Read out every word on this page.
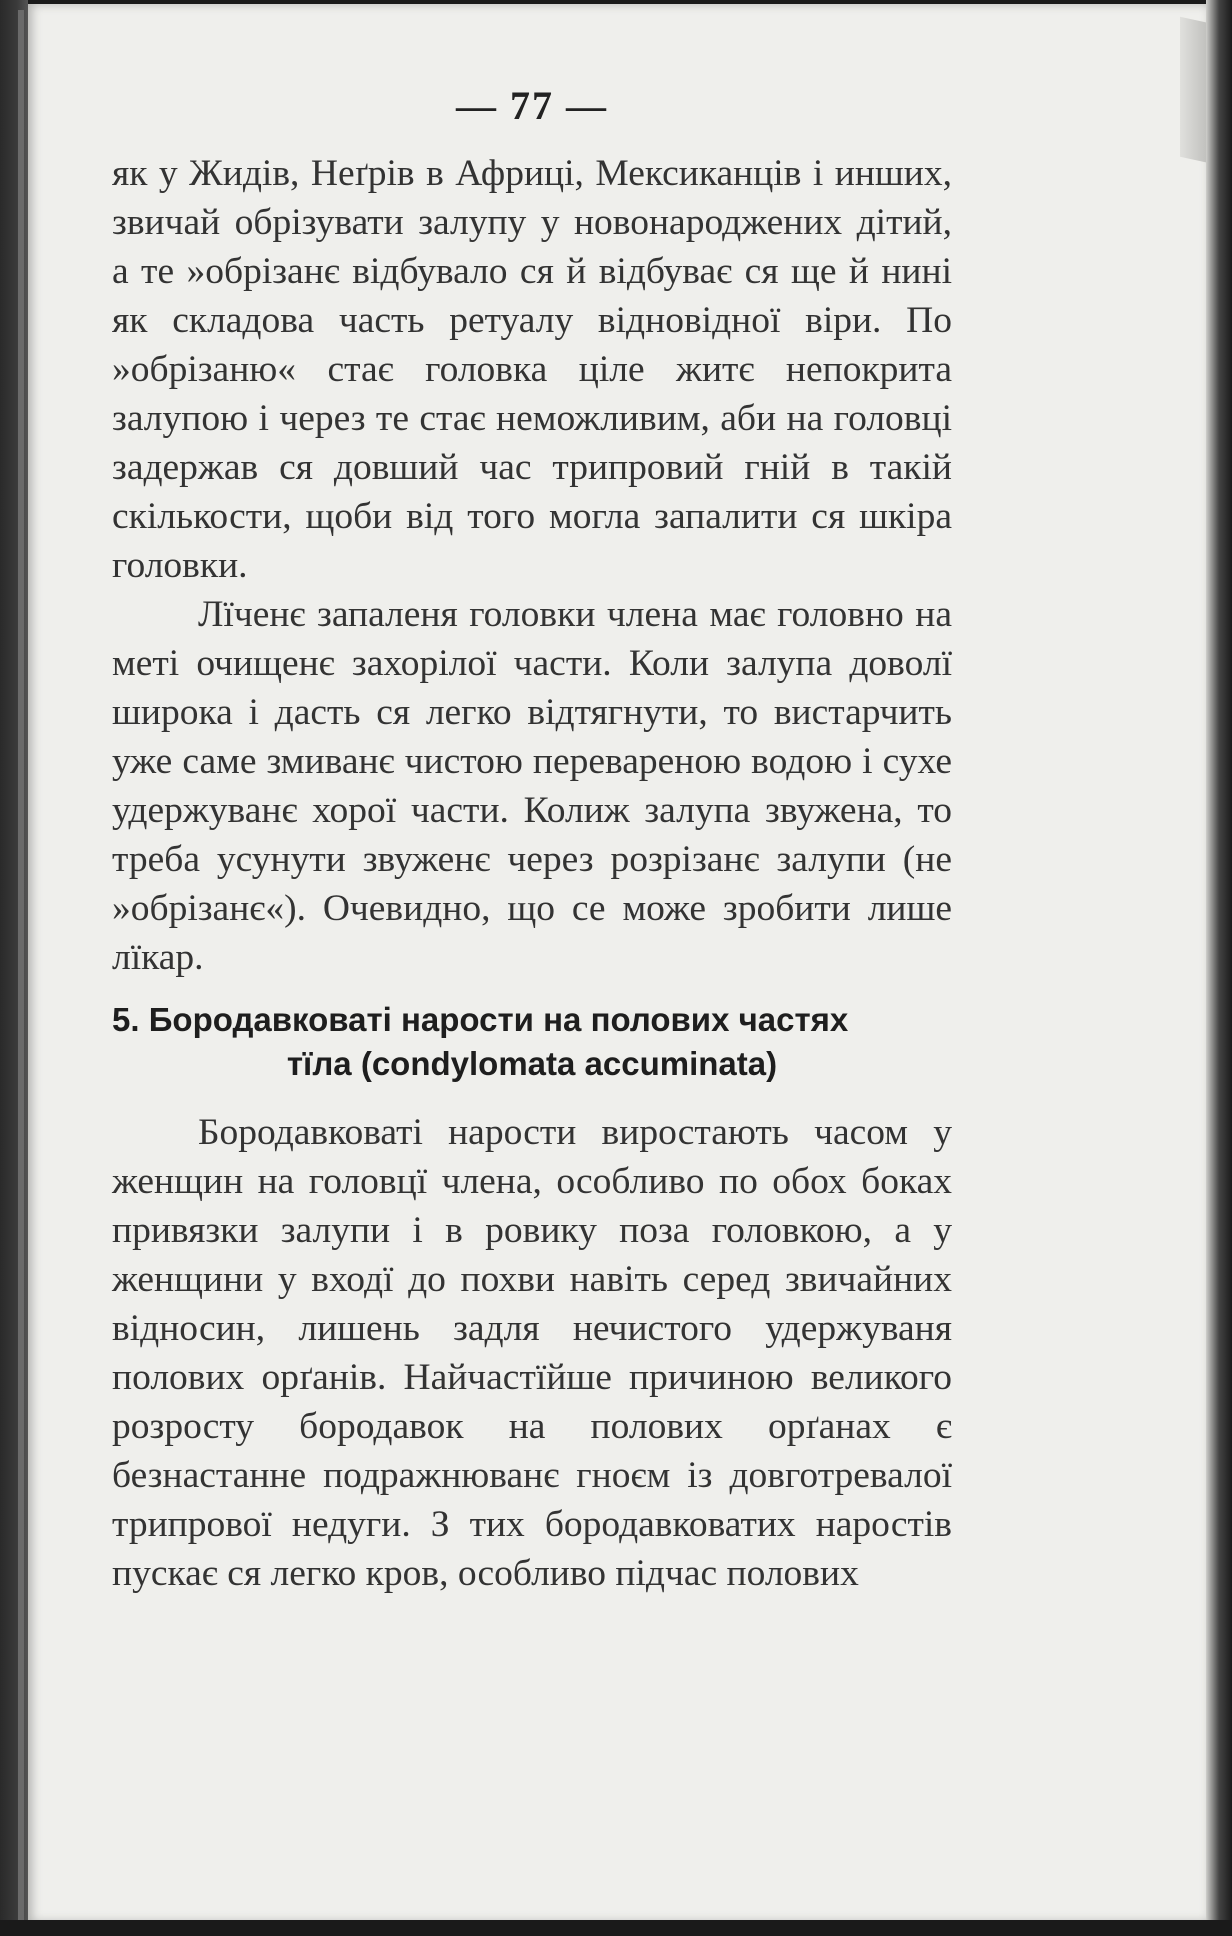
— 77 —

як у Жидів, Неґрів в Африці, Мексиканців і инших, звичай обрізувати залупу у новонароджених дітий, а те »обрізанє відбувало ся й відбуває ся ще й нині як складова часть ретуалу відновідної віри. По »обрізаню« стає головка ціле житє непокрита залупою і через те стає неможливим, аби на головці задержав ся довший час трипровий гній в такій скількости, щоби від того могла запалити ся шкіра головки.

Лїченє запаленя головки члена має головно на меті очищенє захорілої части. Коли залупа доволї широка і дасть ся легко відтягнути, то вистарчить уже саме змиванє чистою переварeною водою і сухе удержуванє хорої части. Колиж залупа звужена, то треба усунути звуженє через розрізанє залупи (не »обрізанє«). Очевидно, що се може зробити лише лїкар.

5. Бородавковаті нарости на полових частях
тїла (condylomata accuminata)

Бородавковаті нарости виростають часом у женщин на головцї члена, особливо по обох боках привязки залупи і в ровику поза головкою, а у женщини у входї до похви навіть серед звичайних відносин, лишень задля нечистого удержуваня полових орґанів. Найчастїйше причиною великого розросту бородавок на полових орґанах є безнастанне подражнюванє гноєм із довготревалої трипрової недуги. З тих бородавковатих наростів пускає ся легко кров, особливо підчас полових
